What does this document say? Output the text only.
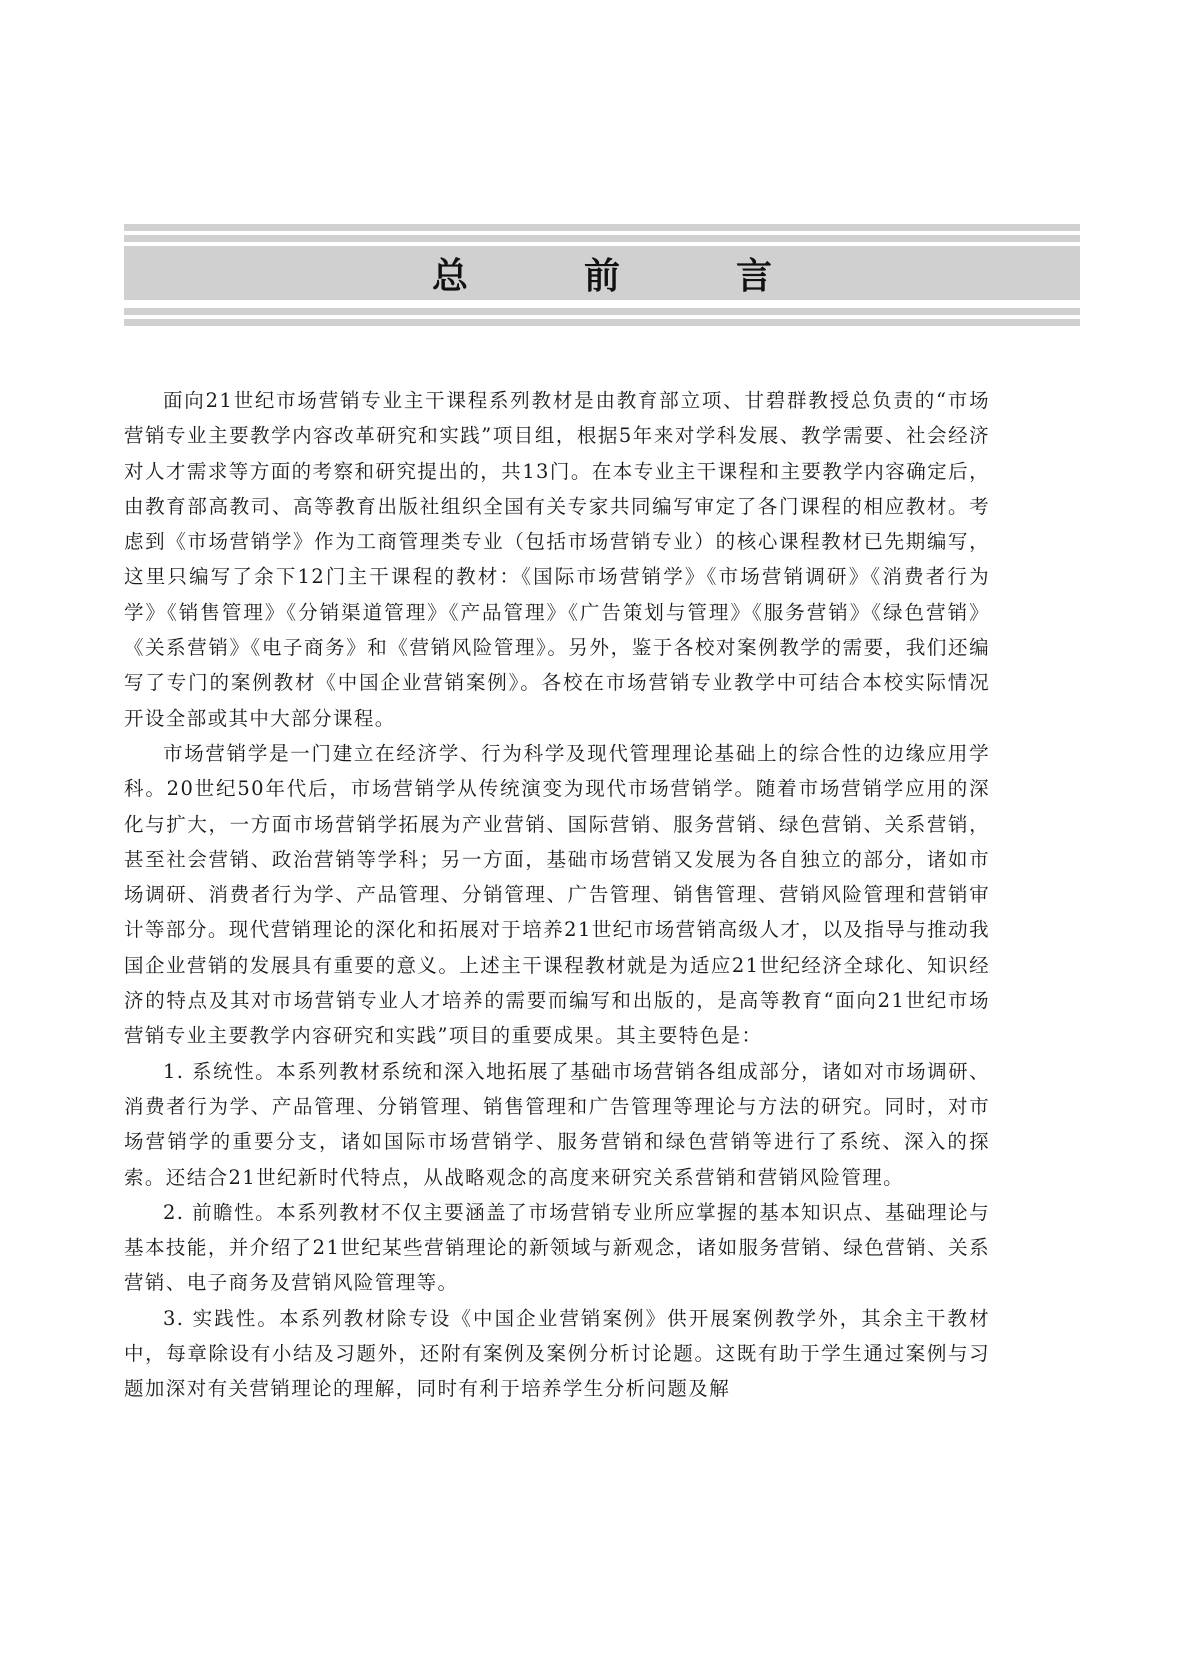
总　前　言

面向21世纪市场营销专业主干课程系列教材是由教育部立项、甘碧群教授总负责的“市场营销专业主要教学内容改革研究和实践”项目组，根据5年来对学科发展、教学需要、社会经济对人才需求等方面的考察和研究提出的，共13门。在本专业主干课程和主要教学内容确定后，由教育部高教司、高等教育出版社组织全国有关专家共同编写审定了各门课程的相应教材。考虑到《市场营销学》作为工商管理类专业（包括市场营销专业）的核心课程教材已先期编写，这里只编写了余下12门主干课程的教材：《国际市场营销学》《市场营销调研》《消费者行为学》《销售管理》《分销渠道管理》《产品管理》《广告策划与管理》《服务营销》《绿色营销》《关系营销》《电子商务》和《营销风险管理》。另外，鉴于各校对案例教学的需要，我们还编写了专门的案例教材《中国企业营销案例》。各校在市场营销专业教学中可结合本校实际情况开设全部或其中大部分课程。

市场营销学是一门建立在经济学、行为科学及现代管理理论基础上的综合性的边缘应用学科。20世纪50年代后，市场营销学从传统演变为现代市场营销学。随着市场营销学应用的深化与扩大，一方面市场营销学拓展为产业营销、国际营销、服务营销、绿色营销、关系营销，甚至社会营销、政治营销等学科；另一方面，基础市场营销又发展为各自独立的部分，诸如市场调研、消费者行为学、产品管理、分销管理、广告管理、销售管理、营销风险管理和营销审计等部分。现代营销理论的深化和拓展对于培养21世纪市场营销高级人才，以及指导与推动我国企业营销的发展具有重要的意义。上述主干课程教材就是为适应21世纪经济全球化、知识经济的特点及其对市场营销专业人才培养的需要而编写和出版的，是高等教育“面向21世纪市场营销专业主要教学内容研究和实践”项目的重要成果。其主要特色是：

1. 系统性。本系列教材系统和深入地拓展了基础市场营销各组成部分，诸如对市场调研、消费者行为学、产品管理、分销管理、销售管理和广告管理等理论与方法的研究。同时，对市场营销学的重要分支，诸如国际市场营销学、服务营销和绿色营销等进行了系统、深入的探索。还结合21世纪新时代特点，从战略观念的高度来研究关系营销和营销风险管理。

2. 前瞻性。本系列教材不仅主要涵盖了市场营销专业所应掌握的基本知识点、基础理论与基本技能，并介绍了21世纪某些营销理论的新领域与新观念，诸如服务营销、绿色营销、关系营销、电子商务及营销风险管理等。

3. 实践性。本系列教材除专设《中国企业营销案例》供开展案例教学外，其余主干教材中，每章除设有小结及习题外，还附有案例及案例分析讨论题。这既有助于学生通过案例与习题加深对有关营销理论的理解，同时有利于培养学生分析问题及解
